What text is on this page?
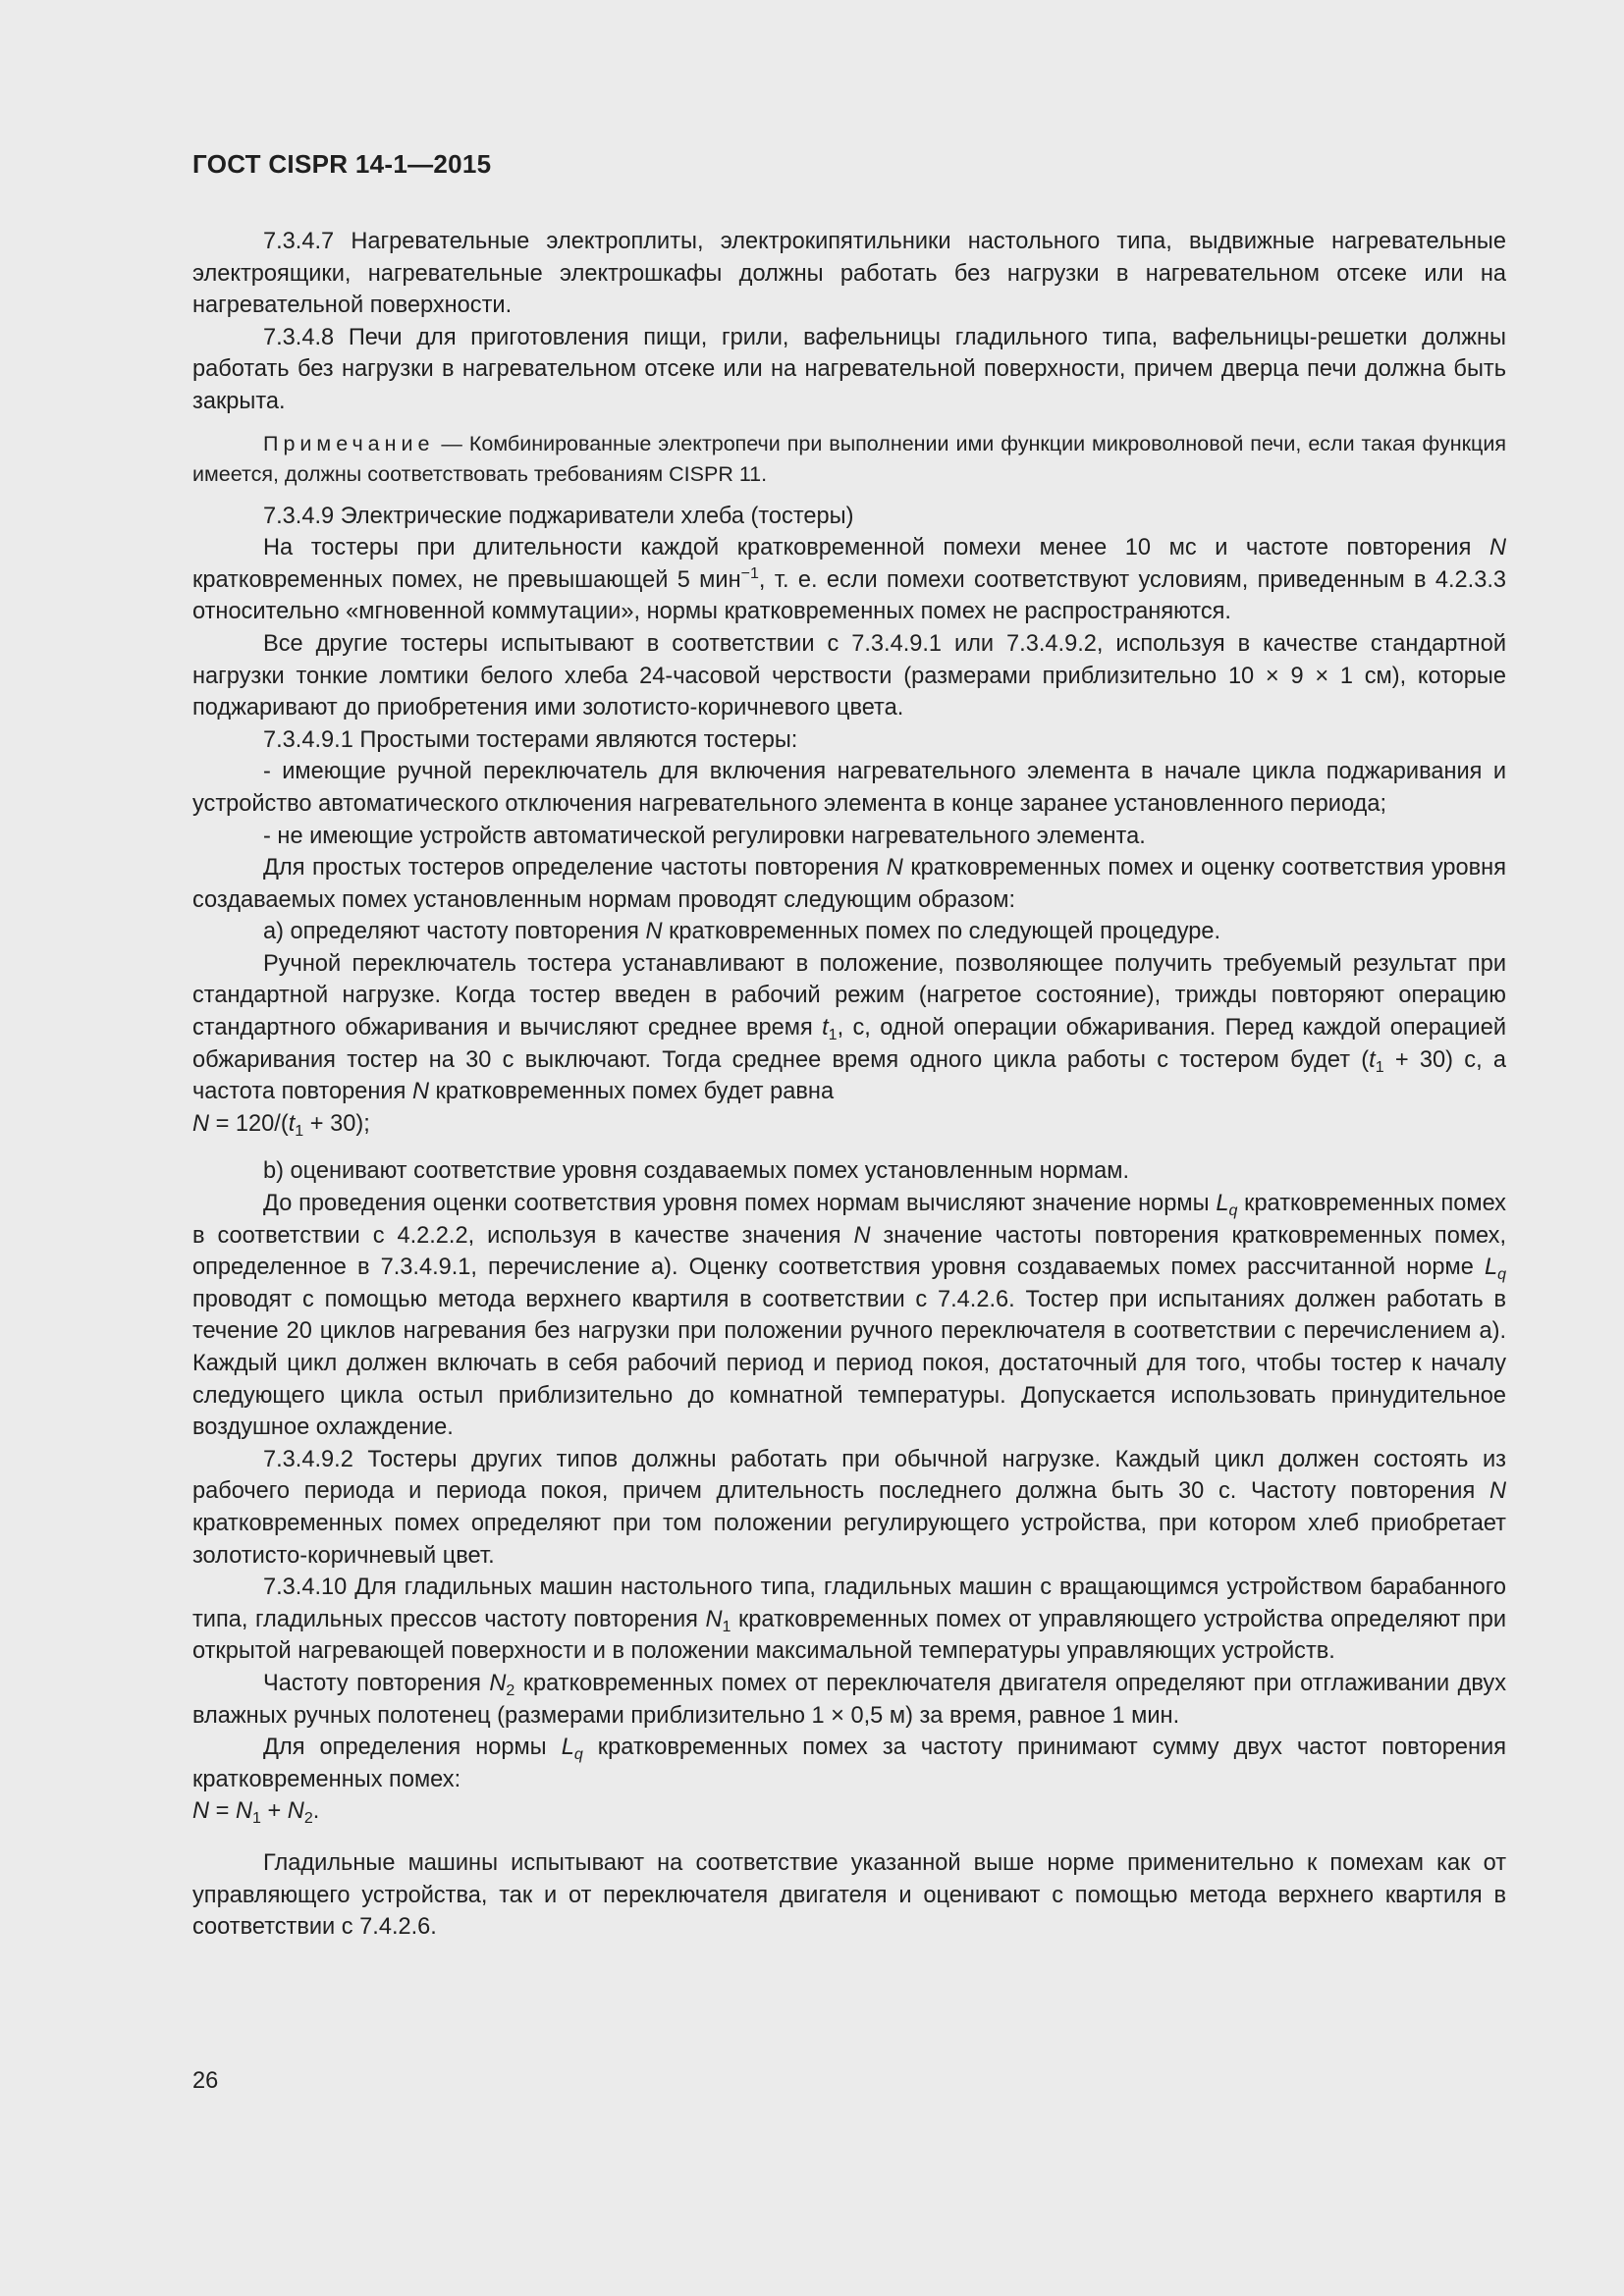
ГОСТ CISPR 14-1—2015

7.3.4.7 Нагревательные электроплиты, электрокипятильники настольного типа, выдвижные нагревательные электроящики, нагревательные электрошкафы должны работать без нагрузки в нагревательном отсеке или на нагревательной поверхности.

7.3.4.8 Печи для приготовления пищи, грили, вафельницы гладильного типа, вафельницы-решетки должны работать без нагрузки в нагревательном отсеке или на нагревательной поверхности, причем дверца печи должна быть закрыта.

Примечание — Комбинированные электропечи при выполнении ими функции микроволновой печи, если такая функция имеется, должны соответствовать требованиям CISPR 11.

7.3.4.9 Электрические поджариватели хлеба (тостеры)

На тостеры при длительности каждой кратковременной помехи менее 10 мс и частоте повторения N кратковременных помех, не превышающей 5 мин$^{-1}$, т. е. если помехи соответствуют условиям, приведенным в 4.2.3.3 относительно «мгновенной коммутации», нормы кратковременных помех не распространяются.

Все другие тостеры испытывают в соответствии с 7.3.4.9.1 или 7.3.4.9.2, используя в качестве стандартной нагрузки тонкие ломтики белого хлеба 24-часовой черствости (размерами приблизительно 10 × 9 × 1 см), которые поджаривают до приобретения ими золотисто-коричневого цвета.

7.3.4.9.1 Простыми тостерами являются тостеры:

- имеющие ручной переключатель для включения нагревательного элемента в начале цикла поджаривания и устройство автоматического отключения нагревательного элемента в конце заранее установленного периода;

- не имеющие устройств автоматической регулировки нагревательного элемента.

Для простых тостеров определение частоты повторения N кратковременных помех и оценку соответствия уровня создаваемых помех установленным нормам проводят следующим образом:

а) определяют частоту повторения N кратковременных помех по следующей процедуре.

Ручной переключатель тостера устанавливают в положение, позволяющее получить требуемый результат при стандартной нагрузке. Когда тостер введен в рабочий режим (нагретое состояние), трижды повторяют операцию стандартного обжаривания и вычисляют среднее время $t_1$, с, одной операции обжаривания. Перед каждой операцией обжаривания тостер на 30 с выключают. Тогда среднее время одного цикла работы с тостером будет $(t_1 + 30)$ с, а частота повторения N кратковременных помех будет равна

$N = 120/(t_1 + 30)$;

b) оценивают соответствие уровня создаваемых помех установленным нормам.

До проведения оценки соответствия уровня помех нормам вычисляют значение нормы $L_q$ кратковременных помех в соответствии с 4.2.2.2, используя в качестве значения N значение частоты повторения кратковременных помех, определенное в 7.3.4.9.1, перечисление а). Оценку соответствия уровня создаваемых помех рассчитанной норме $L_q$ проводят с помощью метода верхнего квартиля в соответствии с 7.4.2.6. Тостер при испытаниях должен работать в течение 20 циклов нагревания без нагрузки при положении ручного переключателя в соответствии с перечислением а). Каждый цикл должен включать в себя рабочий период и период покоя, достаточный для того, чтобы тостер к началу следующего цикла остыл приблизительно до комнатной температуры. Допускается использовать принудительное воздушное охлаждение.

7.3.4.9.2 Тостеры других типов должны работать при обычной нагрузке. Каждый цикл должен состоять из рабочего периода и периода покоя, причем длительность последнего должна быть 30 с. Частоту повторения N кратковременных помех определяют при том положении регулирующего устройства, при котором хлеб приобретает золотисто-коричневый цвет.

7.3.4.10 Для гладильных машин настольного типа, гладильных машин с вращающимся устройством барабанного типа, гладильных прессов частоту повторения $N_1$ кратковременных помех от управляющего устройства определяют при открытой нагревающей поверхности и в положении максимальной температуры управляющих устройств.

Частоту повторения $N_2$ кратковременных помех от переключателя двигателя определяют при отглаживании двух влажных ручных полотенец (размерами приблизительно 1 × 0,5 м) за время, равное 1 мин.

Для определения нормы $L_q$ кратковременных помех за частоту принимают сумму двух частот повторения кратковременных помех:

$N = N_1 + N_2$.

Гладильные машины испытывают на соответствие указанной выше норме применительно к помехам как от управляющего устройства, так и от переключателя двигателя и оценивают с помощью метода верхнего квартиля в соответствии с 7.4.2.6.

26
